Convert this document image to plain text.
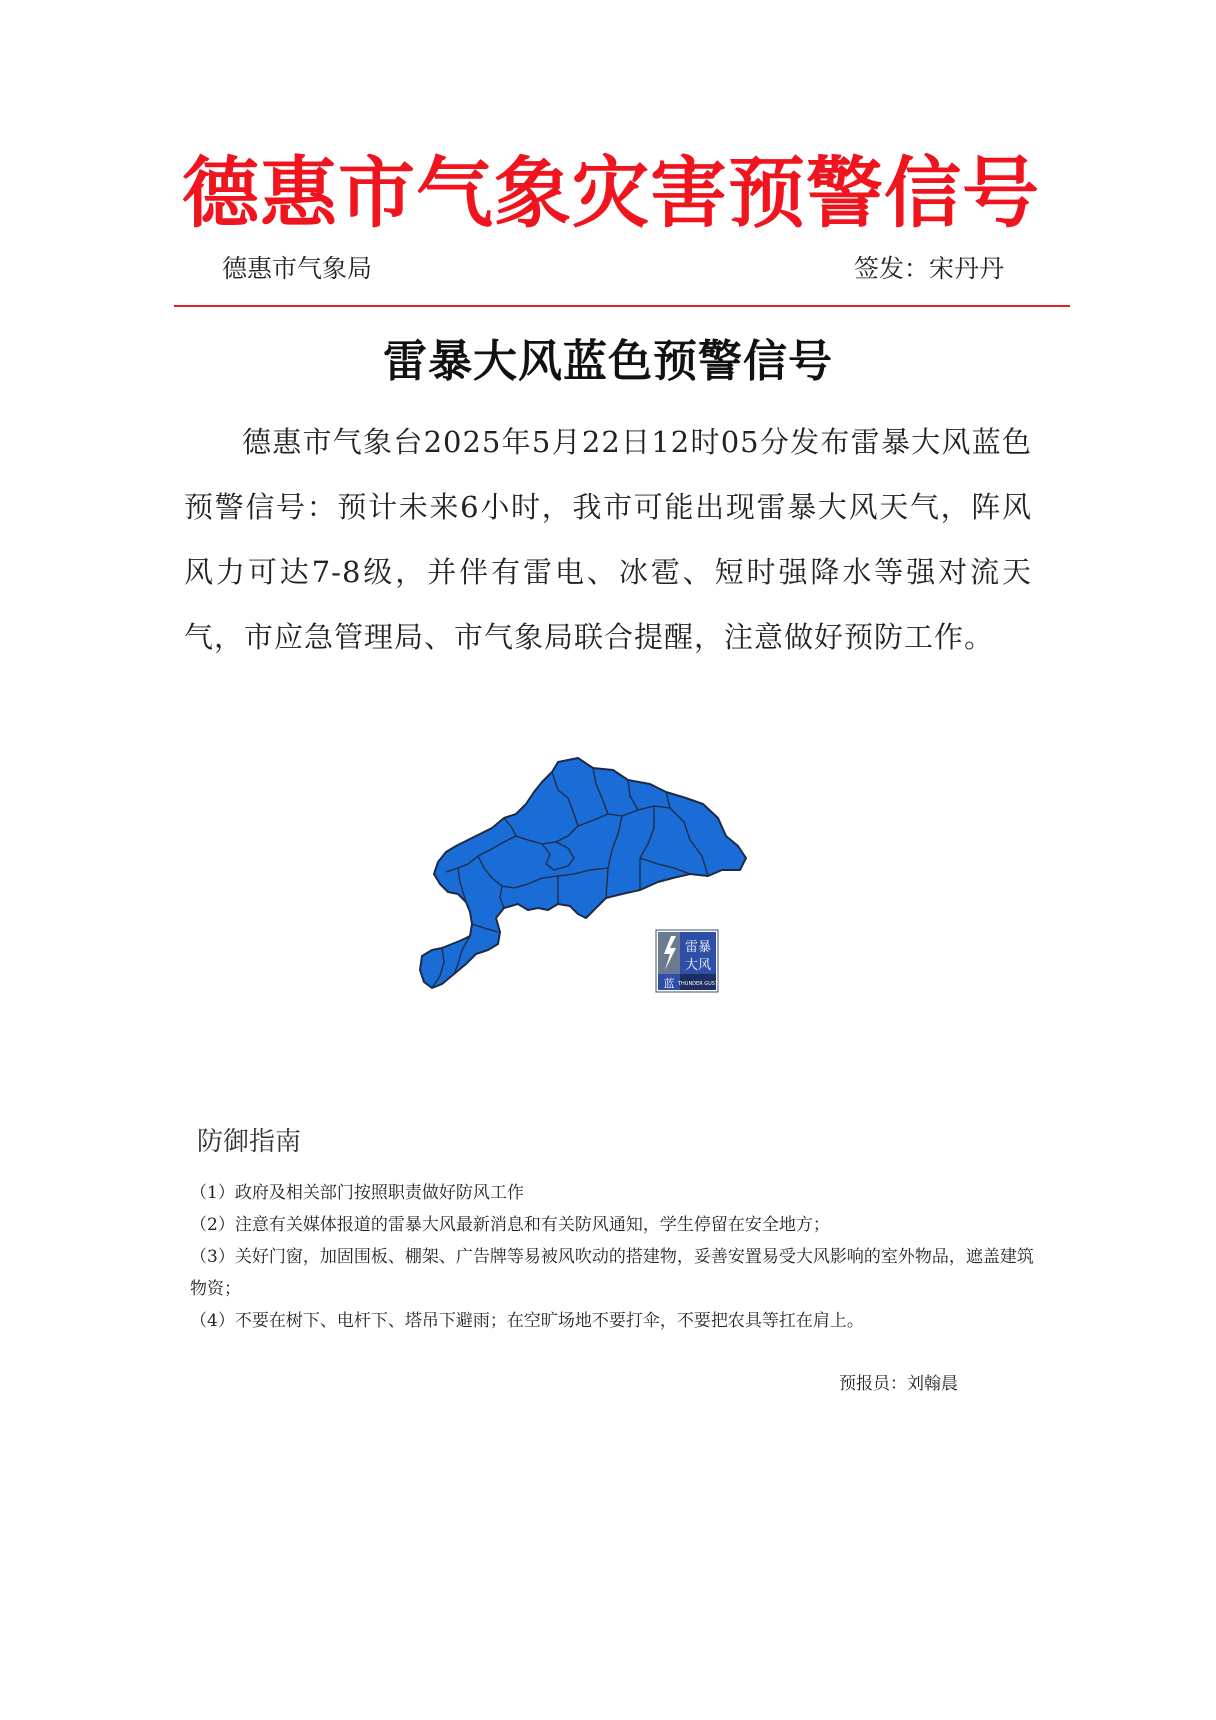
德惠市气象灾害预警信号
德惠市气象局	签发：宋丹丹
雷暴大风蓝色预警信号
德惠市气象台2025年5月22日12时05分发布雷暴大风蓝色预警信号：预计未来6小时，我市可能出现雷暴大风天气，阵风风力可达7-8级，并伴有雷电、冰雹、短时强降水等强对流天气，市应急管理局、市气象局联合提醒，注意做好预防工作。
雷暴
大风
蓝 THUNDER GUST
防御指南
（1）政府及相关部门按照职责做好防风工作
（2）注意有关媒体报道的雷暴大风最新消息和有关防风通知，学生停留在安全地方；
（3）关好门窗，加固围板、棚架、广告牌等易被风吹动的搭建物，妥善安置易受大风影响的室外物品，遮盖建筑物资；
（4）不要在树下、电杆下、塔吊下避雨；在空旷场地不要打伞，不要把农具等扛在肩上。
预报员：刘翰晨
